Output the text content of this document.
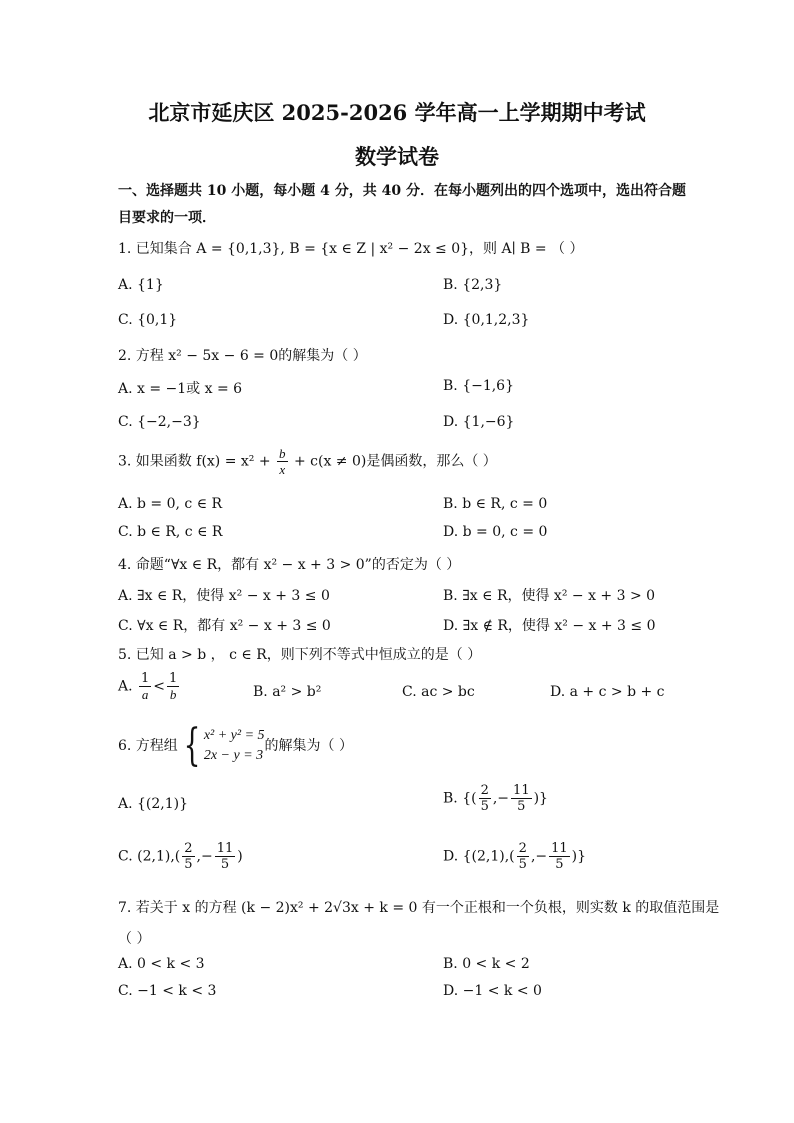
北京市延庆区 2025-2026 学年高一上学期期中考试
数学试卷
一、选择题共 10 小题，每小题 4 分，共 40 分．在每小题列出的四个选项中，选出符合题
目要求的一项．
1. 已知集合 A = {0,1,3}, B = {x ∈ Z | x² − 2x ≤ 0}，则 A∣ B = （ ）
A. {1}	B. {2,3}
C. {0,1}	D. {0,1,2,3}
2. 方程 x² − 5x − 6 = 0的解集为（ ）
A. x = −1或 x = 6	B. {−1,6}
C. {−2,−3}	D. {1,−6}
3. 如果函数 $f(x) = x^2 + \frac{b}{x} + c(x \ne 0)$是偶函数，那么（ ）
A. b = 0, c ∈ R	B. b ∈ R, c = 0
C. b ∈ R, c ∈ R	D. b = 0, c = 0
4. 命题“∀x ∈ R，都有 x² − x + 3 > 0”的否定为（ ）
A. ∃x ∈ R，使得 x² − x + 3 ≤ 0	B. ∃x ∈ R，使得 x² − x + 3 > 0
C. ∀x ∈ R，都有 x² − x + 3 ≤ 0	D. ∃x ∉ R，使得 x² − x + 3 ≤ 0
5. 已知 a > b ， c ∈ R，则下列不等式中恒成立的是（ ）
A. $\frac{1}{a} < \frac{1}{b}$	B. a² > b²	C. ac > bc	D. a + c > b + c
6. 方程组 { x² + y² = 5
2x − y = 3
的解集为（ ）
A. {(2,1)}	B. {( $\frac{2}{5}$ ,− $\frac{11}{5}$ )}
C. $(2,1),( \frac{2}{5}$ ,− $\frac{11}{5}$ )	D. {$(2,1),( \frac{2}{5}$ ,− $\frac{11}{5}$ )}
7. 若关于 x 的方程 (k − 2)x² + 2√3x + k = 0 有一个正根和一个负根，则实数 k 的取值范围是
（ ）
A. 0 < k < 3	B. 0 < k < 2
C. −1 < k < 3	D. −1 < k < 0
